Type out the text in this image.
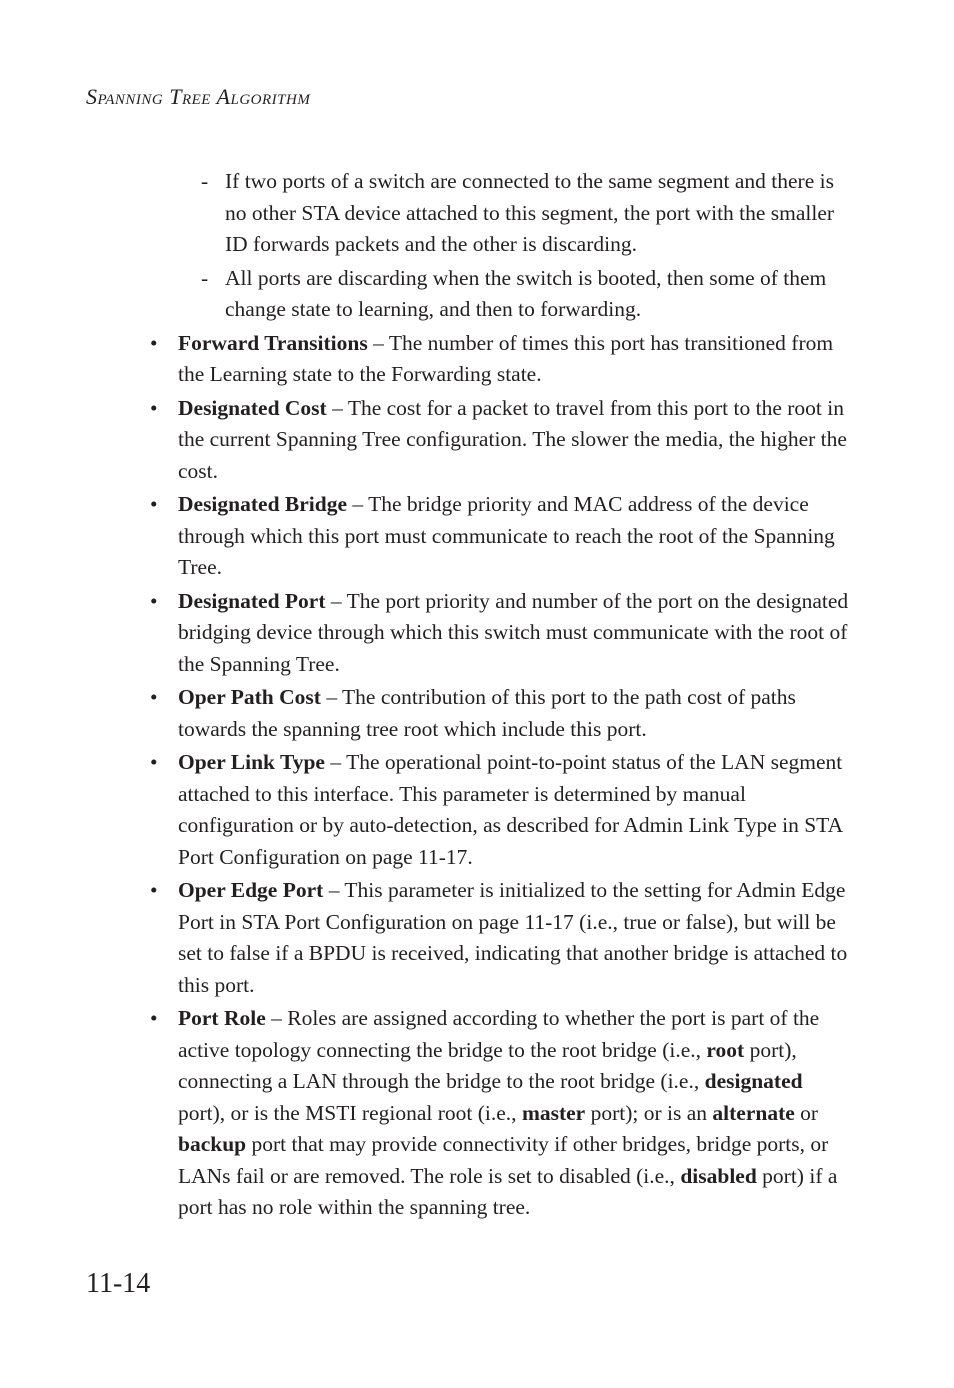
Spanning Tree Algorithm
- If two ports of a switch are connected to the same segment and there is no other STA device attached to this segment, the port with the smaller ID forwards packets and the other is discarding.
- All ports are discarding when the switch is booted, then some of them change state to learning, and then to forwarding.
• Forward Transitions – The number of times this port has transitioned from the Learning state to the Forwarding state.
• Designated Cost – The cost for a packet to travel from this port to the root in the current Spanning Tree configuration. The slower the media, the higher the cost.
• Designated Bridge – The bridge priority and MAC address of the device through which this port must communicate to reach the root of the Spanning Tree.
• Designated Port – The port priority and number of the port on the designated bridging device through which this switch must communicate with the root of the Spanning Tree.
• Oper Path Cost – The contribution of this port to the path cost of paths towards the spanning tree root which include this port.
• Oper Link Type – The operational point-to-point status of the LAN segment attached to this interface. This parameter is determined by manual configuration or by auto-detection, as described for Admin Link Type in STA Port Configuration on page 11-17.
• Oper Edge Port – This parameter is initialized to the setting for Admin Edge Port in STA Port Configuration on page 11-17 (i.e., true or false), but will be set to false if a BPDU is received, indicating that another bridge is attached to this port.
• Port Role – Roles are assigned according to whether the port is part of the active topology connecting the bridge to the root bridge (i.e., root port), connecting a LAN through the bridge to the root bridge (i.e., designated port), or is the MSTI regional root (i.e., master port); or is an alternate or backup port that may provide connectivity if other bridges, bridge ports, or LANs fail or are removed. The role is set to disabled (i.e., disabled port) if a port has no role within the spanning tree.
11-14
